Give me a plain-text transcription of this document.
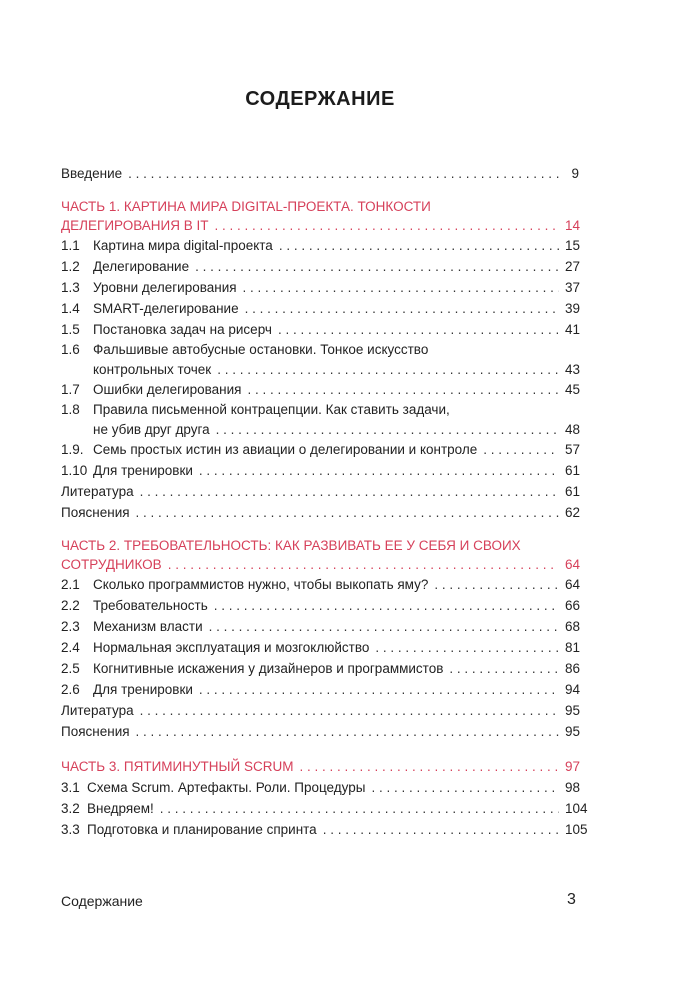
СОДЕРЖАНИЕ
Введение . . .	9
ЧАСТЬ 1. КАРТИНА МИРА DIGITAL-ПРОЕКТА. ТОНКОСТИ
ДЕЛЕГИРОВАНИЯ В IT . . .	14
1.1 Картина мира digital-проекта . . .	15
1.2 Делегирование . . .	27
1.3 Уровни делегирования . . .	37
1.4 SMART-делегирование . . .	39
1.5 Постановка задач на рисерч . . .	41
1.6 Фальшивые автобусные остановки. Тонкое искусство
контрольных точек . . .	43
1.7 Ошибки делегирования . . .	45
1.8 Правила письменной контрацепции. Как ставить задачи,
не убив друг друга . . .	48
1.9. Семь простых истин из авиации о делегировании и контроле . . .	57
1.10 Для тренировки . . .	61
Литература . . .	61
Пояснения . . .	62
ЧАСТЬ 2. ТРЕБОВАТЕЛЬНОСТЬ: КАК РАЗВИВАТЬ ЕЕ У СЕБЯ И СВОИХ
СОТРУДНИКОВ . . .	64
2.1 Сколько программистов нужно, чтобы выкопать яму? . . .	64
2.2 Требовательность . . .	66
2.3 Механизм власти . . .	68
2.4 Нормальная эксплуатация и мозгоклюйство . . .	81
2.5 Когнитивные искажения у дизайнеров и программистов . . .	86
2.6 Для тренировки . . .	94
Литература . . .	95
Пояснения . . .	95
ЧАСТЬ 3. ПЯТИМИНУТНЫЙ SCRUM . . .	97
3.1 Схема Scrum. Артефакты. Роли. Процедуры . . .	98
3.2 Внедряем! . . .	104
3.3 Подготовка и планирование спринта . . .	105
Содержание	3
